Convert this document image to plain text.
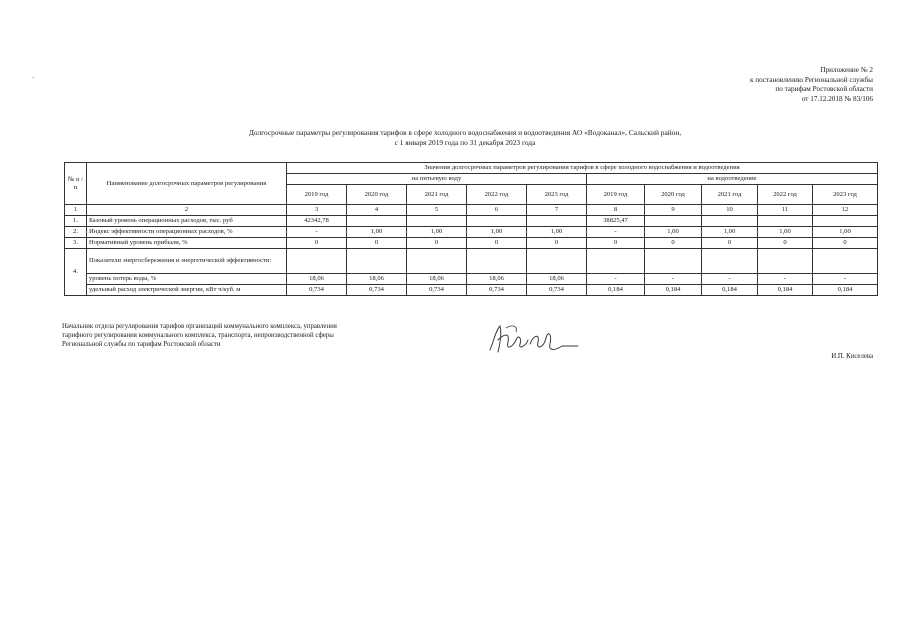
-
Приложение № 2
к постановлению Региональной службы
по тарифам Ростовской области
от 17.12.2018 № 83/106
Долгосрочные параметры регулирования тарифов в сфере холодного водоснабжения и водоотведения АО «Водоканал», Сальский район,
с 1 января 2019 года по 31 декабря 2023 года
№ п /п	Наименование долгосрочных параметров регулирования	Значения долгосрочных параметров регулирования тарифов в сфере холодного водоснабжения и водоотведения									
		на питьевую воду					на водоотведение				
		2019 год	2020 год	2021 год	2022 год	2023 год	2019 год	2020 год	2021 год	2022 год	2023 год
1	2	3	4	5	6	7	8	9	10	11	12
1.	Базовый уровень операционных расходов, тыс. руб	42342,78					38825,47				
2.	Индекс эффективности операционных расходов, %	-	1,00	1,00	1,00	1,00	-	1,00	1,00	1,00	1,00
3.	Нормативный уровень прибыли, %	0	0	0	0	0	0	0	0	0	0
4.	Показатели энергосбережения и энергетической эффективности:										
	уровень потерь воды, %	18,06	18,06	18,06	18,06	18,06	-	-	-	-	-
	удельный расход электрической энергии, кВт ч/куб. м	0,734	0,734	0,734	0,734	0,734	0,184	0,184	0,184	0,184	0,184
Начальник отдела регулирования тарифов организаций коммунального комплекса, управления тарифного регулирования коммунального комплекса, транспорта, непроизводственной сферы Региональной службы по тарифам Ростовской области
И.П. Киселева
